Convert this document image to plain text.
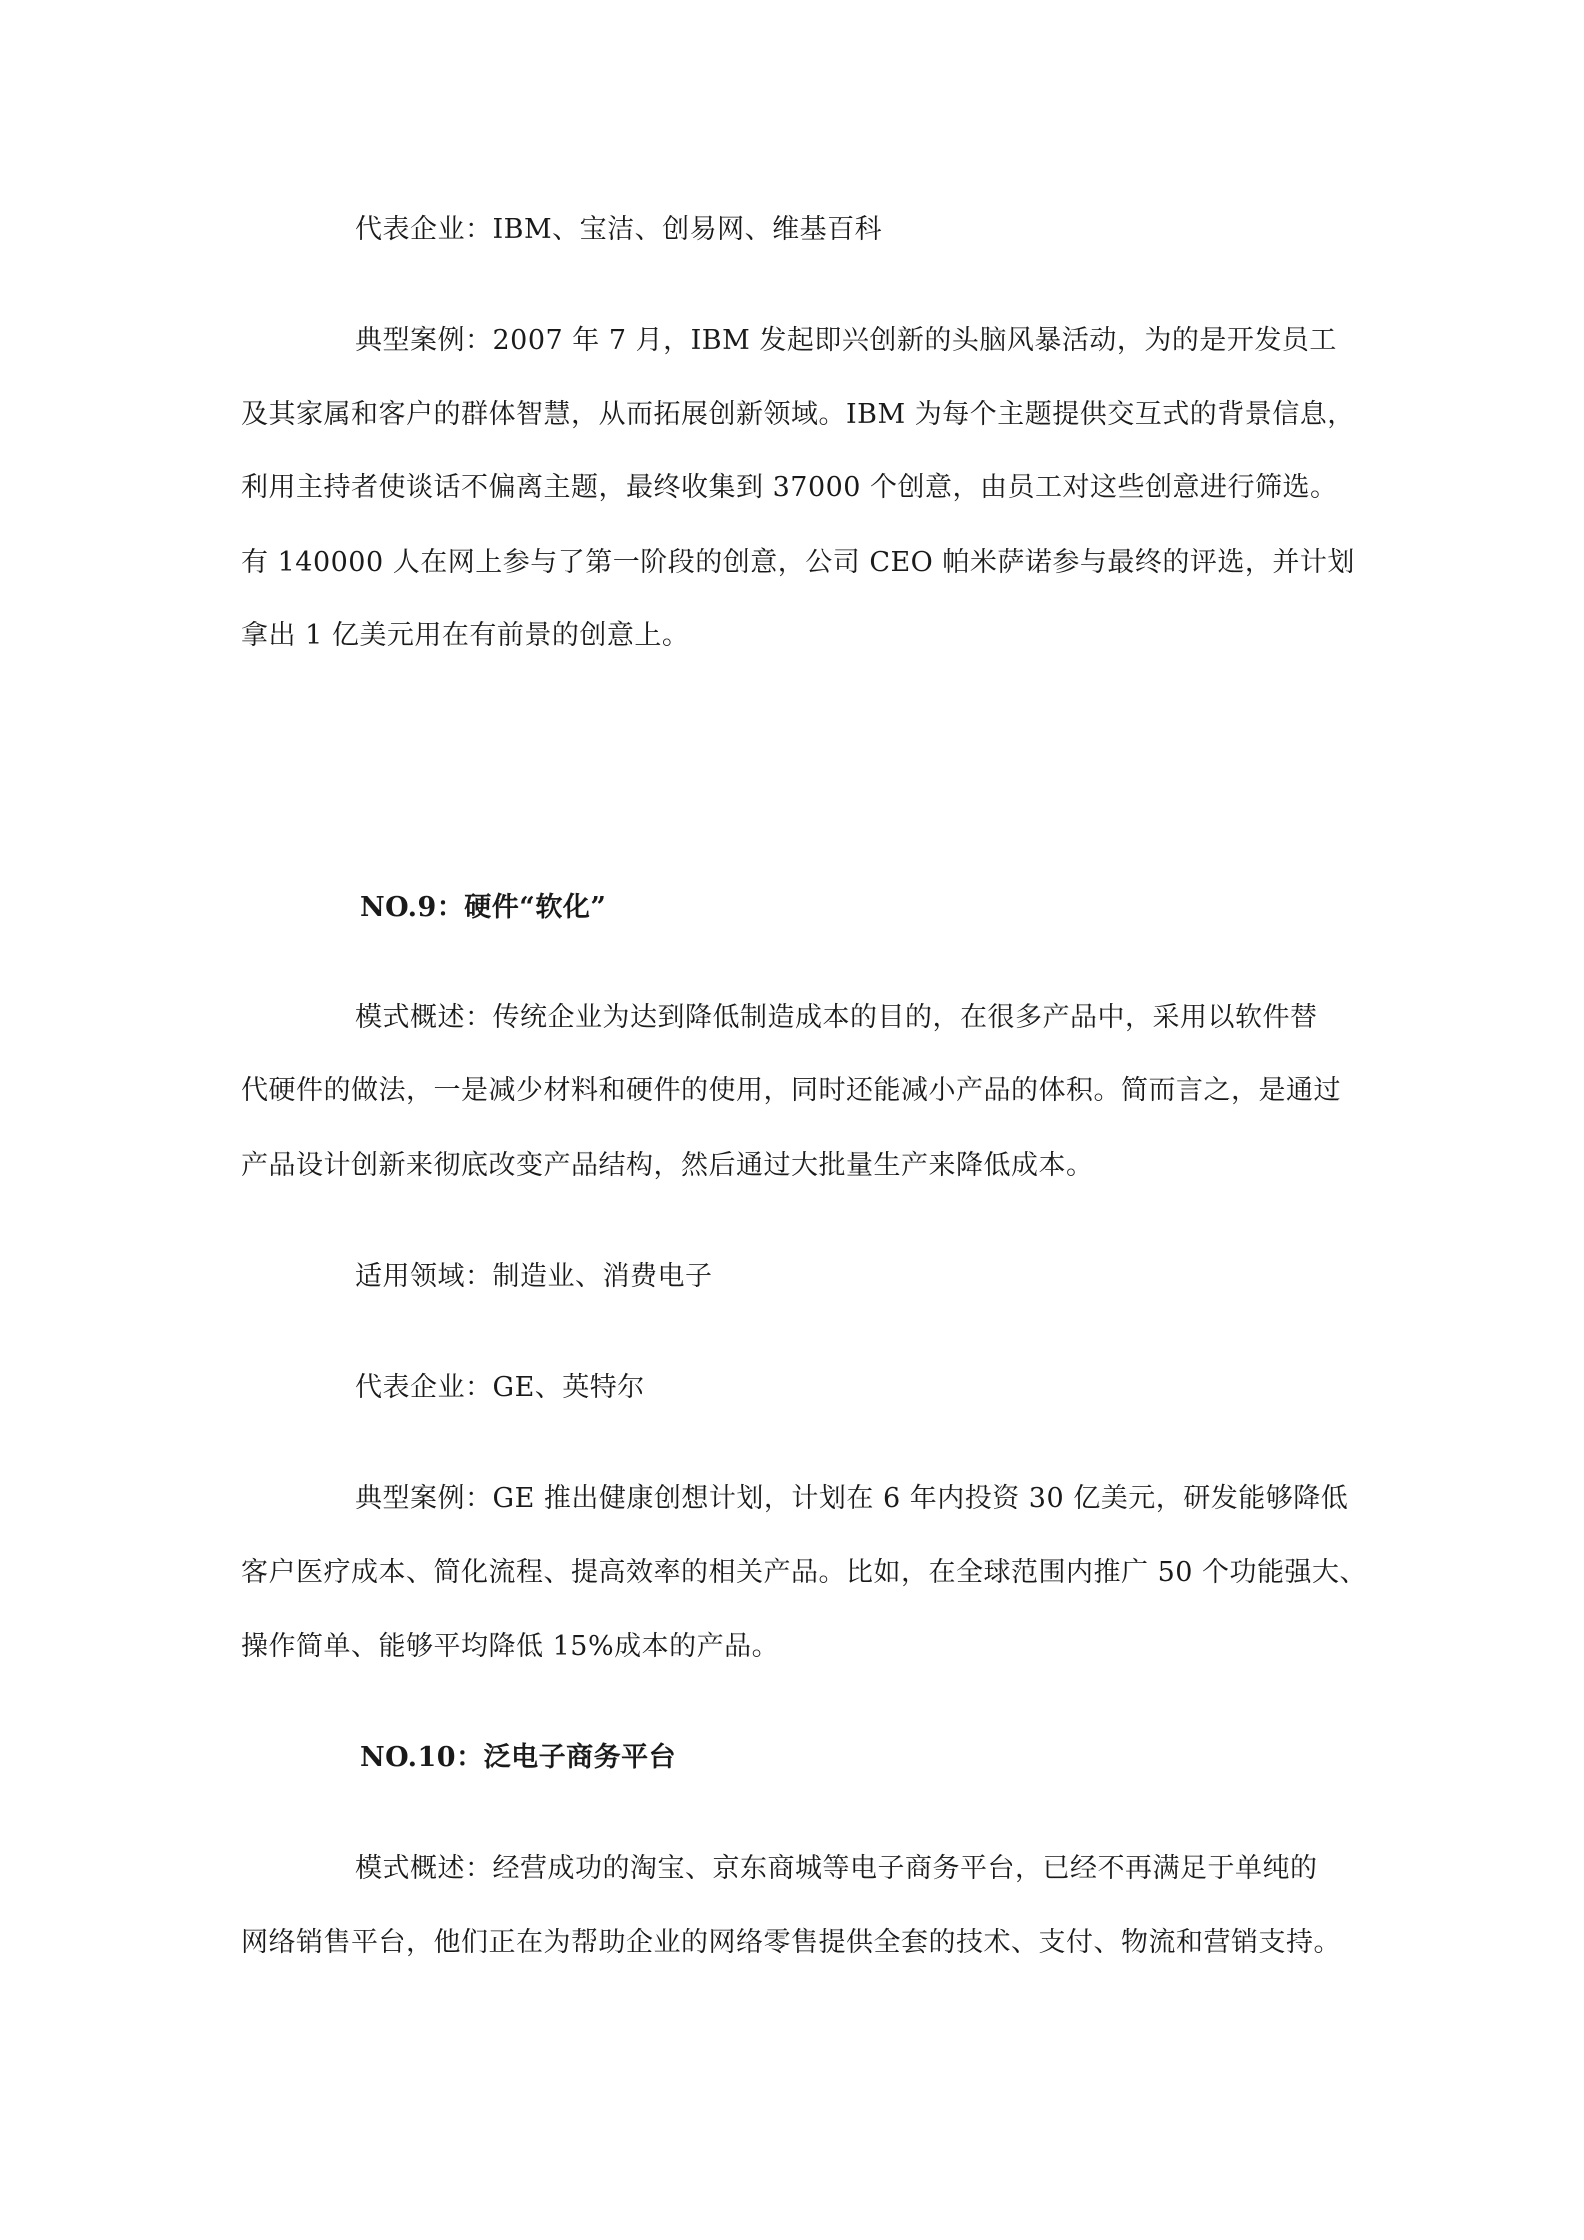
代表企业：IBM、宝洁、创易网、维基百科
典型案例：2007 年 7 月，IBM 发起即兴创新的头脑风暴活动，为的是开发员工
及其家属和客户的群体智慧，从而拓展创新领域。IBM 为每个主题提供交互式的背景信息，
利用主持者使谈话不偏离主题，最终收集到 37000 个创意，由员工对这些创意进行筛选。
有 140000 人在网上参与了第一阶段的创意，公司 CEO 帕米萨诺参与最终的评选，并计划
拿出 1 亿美元用在有前景的创意上。
NO.9：硬件“软化”
模式概述：传统企业为达到降低制造成本的目的，在很多产品中，采用以软件替
代硬件的做法，一是减少材料和硬件的使用，同时还能减小产品的体积。简而言之，是通过
产品设计创新来彻底改变产品结构，然后通过大批量生产来降低成本。
适用领域：制造业、消费电子
代表企业：GE、英特尔
典型案例：GE 推出健康创想计划，计划在 6 年内投资 30 亿美元，研发能够降低
客户医疗成本、简化流程、提高效率的相关产品。比如，在全球范围内推广 50 个功能强大、
操作简单、能够平均降低 15%成本的产品。
NO.10：泛电子商务平台
模式概述：经营成功的淘宝、京东商城等电子商务平台，已经不再满足于单纯的
网络销售平台，他们正在为帮助企业的网络零售提供全套的技术、支付、物流和营销支持。
